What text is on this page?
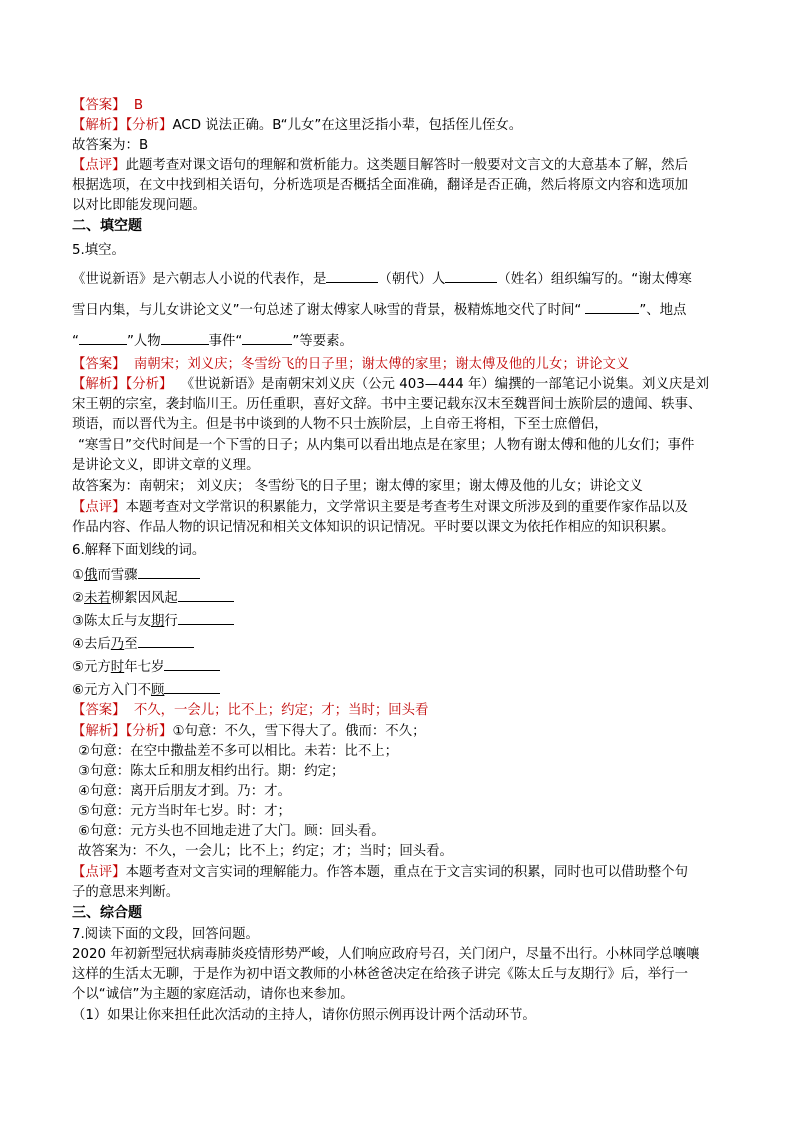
【答案】 B
【解析】【分析】ACD 说法正确。B“儿女”在这里泛指小辈，包括侄儿侄女。
故答案为：B
【点评】此题考查对课文语句的理解和赏析能力。这类题目解答时一般要对文言文的大意基本了解，然后
根据选项，在文中找到相关语句，分析选项是否概括全面准确，翻译是否正确，然后将原文内容和选项加
以对比即能发现问题。
二、填空题
5.填空。
《世说新语》是六朝志人小说的代表作，是	（朝代）人	（姓名）组织编写的。“谢太傅寒
雪日内集，与儿女讲论文义”一句总述了谢太傅家人咏雪的背景，极精炼地交代了时间“	”、地点
“	”人物	事件“	”等要素。
【答案】 南朝宋；刘义庆；冬雪纷飞的日子里；谢太傅的家里；谢太傅及他的儿女；讲论文义
【解析】【分析】 《世说新语》是南朝宋刘义庆（公元 403—444 年）编撰的一部笔记小说集。刘义庆是刘
宋王朝的宗室，袭封临川王。历任重职，喜好文辞。书中主要记载东汉末至魏晋间士族阶层的遗闻、轶事、
琐语，而以晋代为主。但是书中谈到的人物不只士族阶层，上自帝王将相，下至士庶僧侣，
“寒雪日”交代时间是一个下雪的日子；从内集可以看出地点是在家里；人物有谢太傅和他的儿女们；事件
是讲论文义，即讲文章的义理。
故答案为：南朝宋； 刘义庆； 冬雪纷飞的日子里；谢太傅的家里；谢太傅及他的儿女；讲论文义
【点评】本题考查对文学常识的积累能力，文学常识主要是考查考生对课文所涉及到的重要作家作品以及
作品内容、作品人物的识记情况和相关文体知识的识记情况。平时要以课文为依托作相应的知识积累。
6.解释下面划线的词。
①俄而雪骤
②未若柳絮因风起
③陈太丘与友期行
④去后乃至
⑤元方时年七岁
⑥元方入门不顾
【答案】 不久，一会儿；比不上；约定；才；当时；回头看
【解析】【分析】①句意：不久，雪下得大了。俄而：不久；
②句意：在空中撒盐差不多可以相比。未若：比不上；
③句意：陈太丘和朋友相约出行。期：约定；
④句意：离开后朋友才到。乃：才。
⑤句意：元方当时年七岁。时：才；
⑥句意：元方头也不回地走进了大门。顾：回头看。
故答案为：不久，一会儿；比不上；约定；才；当时；回头看。
【点评】本题考查对文言实词的理解能力。作答本题，重点在于文言实词的积累，同时也可以借助整个句
子的意思来判断。
三、综合题
7.阅读下面的文段，回答问题。
2020 年初新型冠状病毒肺炎疫情形势严峻，人们响应政府号召，关门闭户，尽量不出行。小林同学总嚷嚷
这样的生活太无聊，于是作为初中语文教师的小林爸爸决定在给孩子讲完《陈太丘与友期行》后，举行一
个以“诚信”为主题的家庭活动，请你也来参加。
（1）如果让你来担任此次活动的主持人，请你仿照示例再设计两个活动环节。
